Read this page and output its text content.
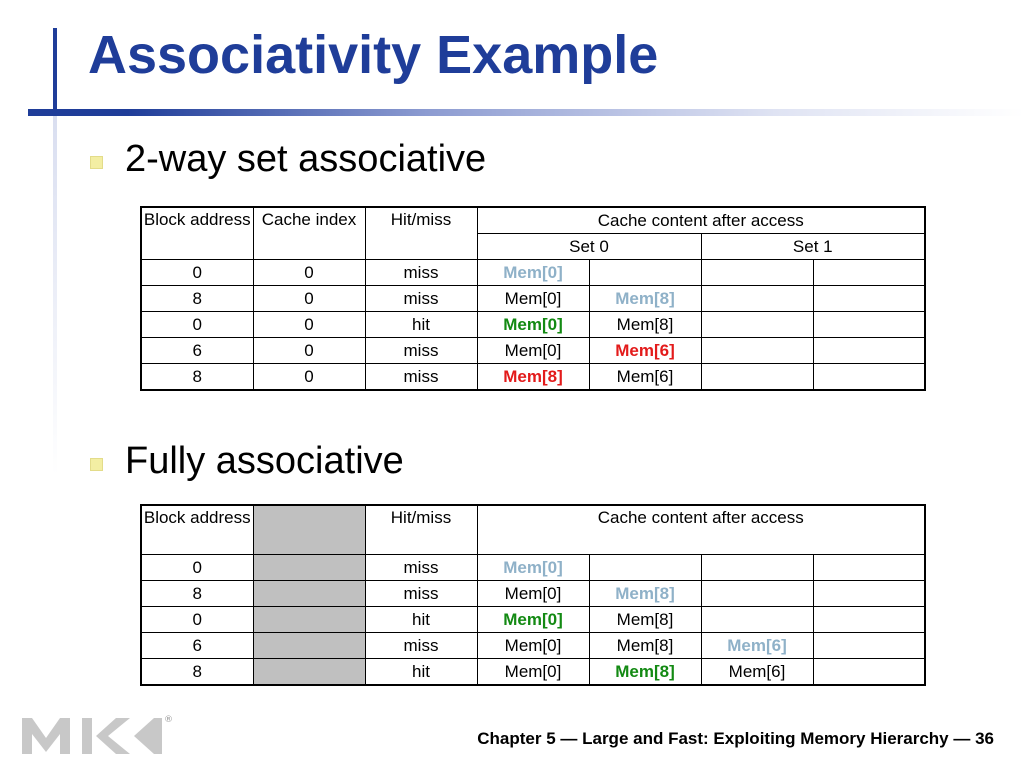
Associativity Example
2-way set associative
Block address	Cache index	Hit/miss	Cache content after access			
			Set 0		Set 1	
0	0	miss	Mem[0]			
8	0	miss	Mem[0]	Mem[8]		
0	0	hit	Mem[0]	Mem[8]		
6	0	miss	Mem[0]	Mem[6]		
8	0	miss	Mem[8]	Mem[6]		
Fully associative
Block address		Hit/miss	Cache content after access			
0		miss	Mem[0]			
8		miss	Mem[0]	Mem[8]		
0		hit	Mem[0]	Mem[8]		
6		miss	Mem[0]	Mem[8]	Mem[6]	
8		hit	Mem[0]	Mem[8]	Mem[6]	
®
Chapter 5 — Large and Fast: Exploiting Memory Hierarchy — 36
